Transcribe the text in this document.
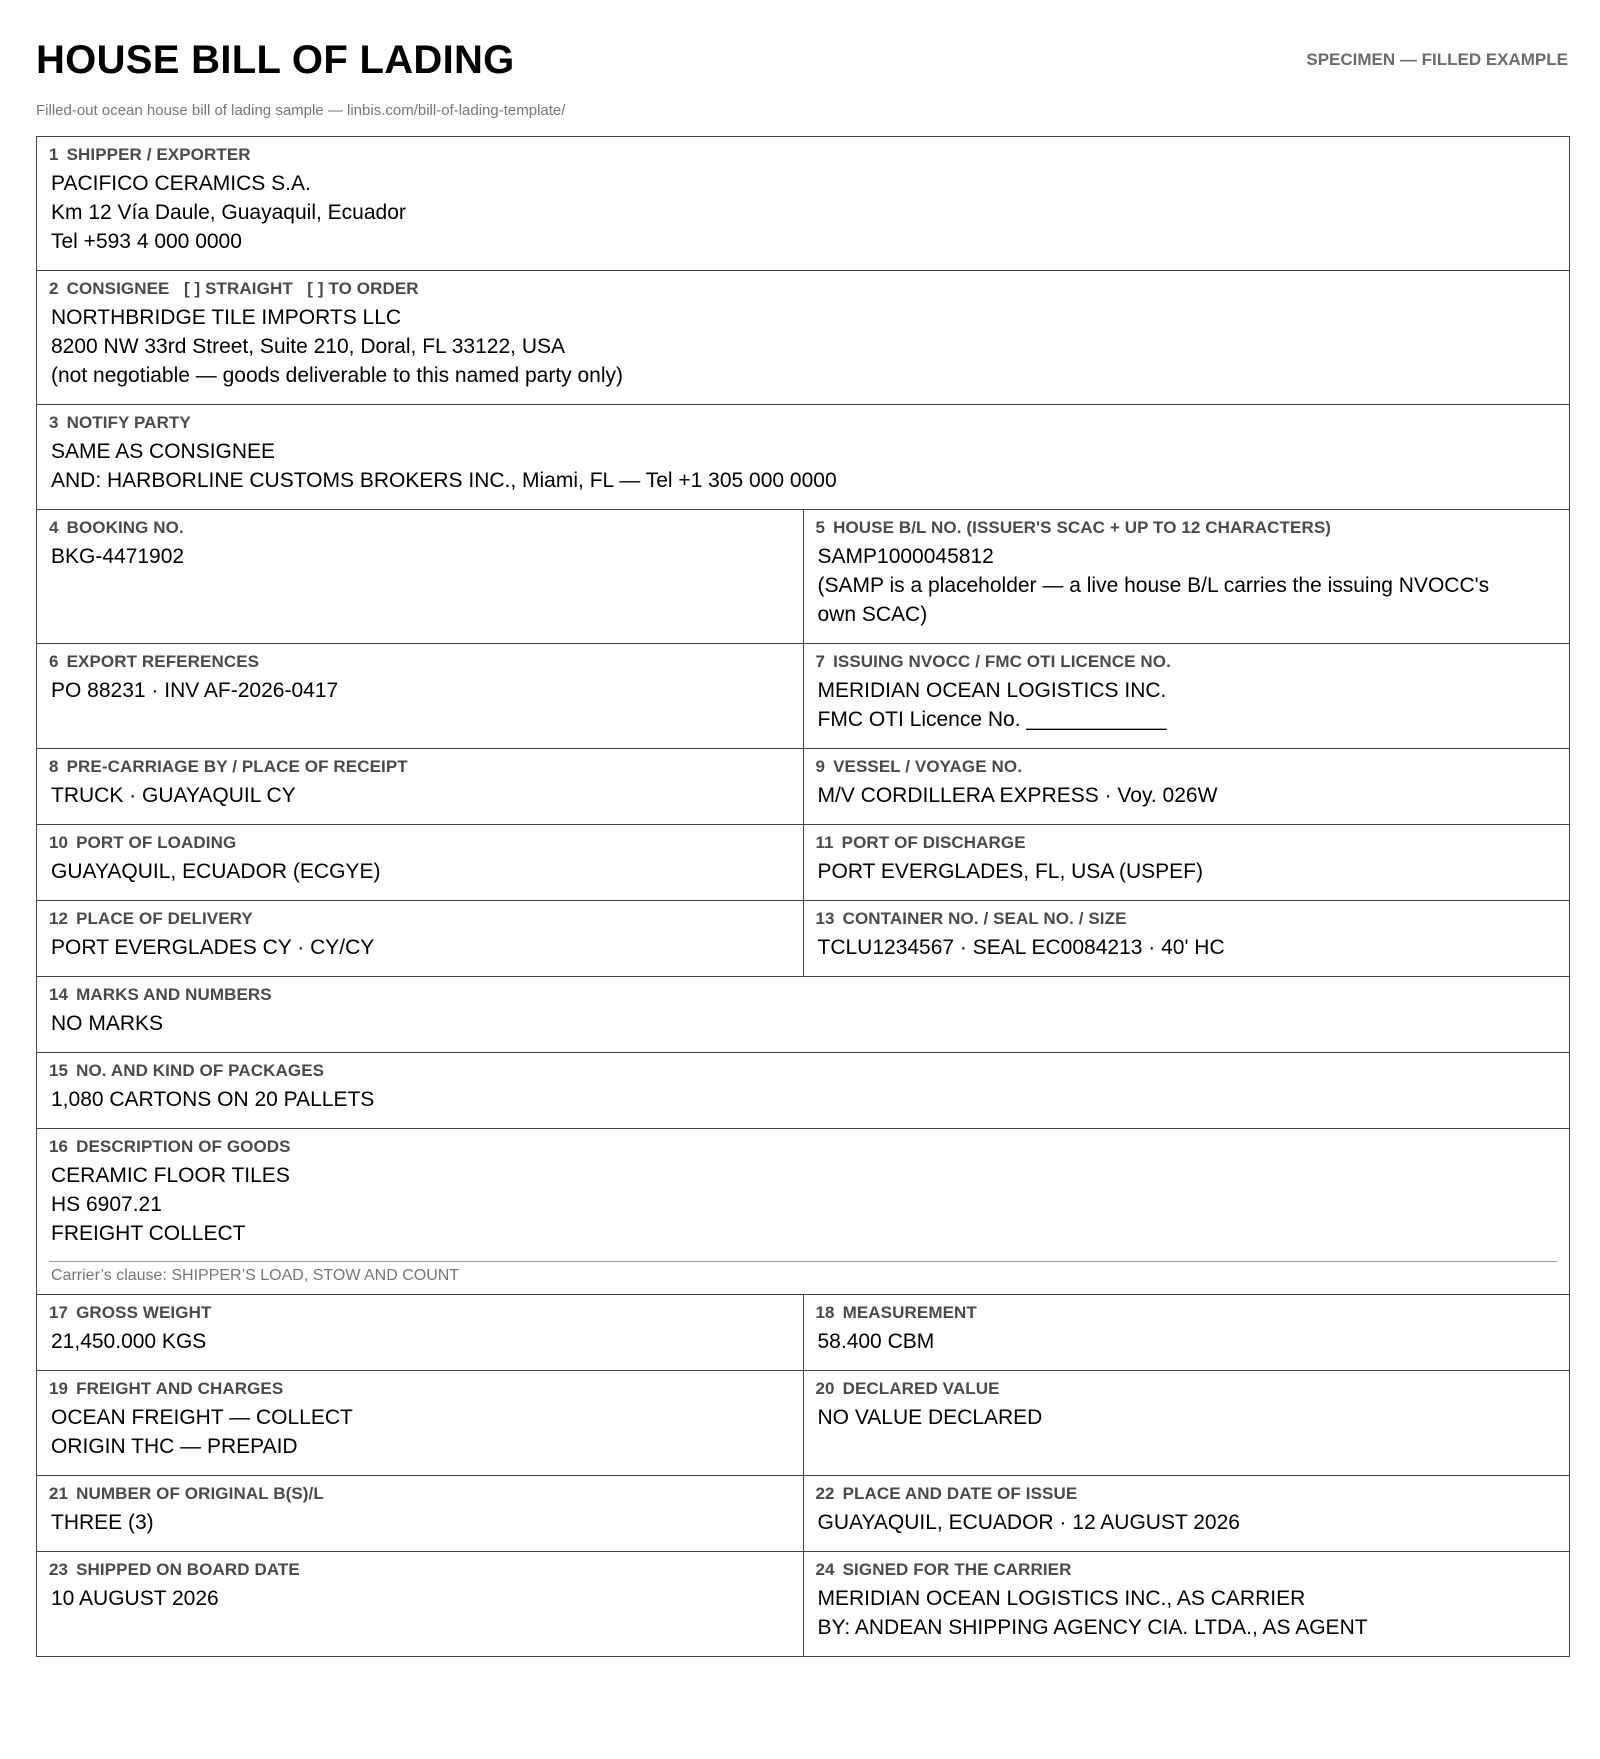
HOUSE BILL OF LADING	SPECIMEN — FILLED EXAMPLE
Filled-out ocean house bill of lading sample — linbis.com/bill-of-lading-template/
1 SHIPPER / EXPORTER
PACIFICO CERAMICS S.A.
Km 12 Vía Daule, Guayaquil, Ecuador
Tel +593 4 000 0000
2 CONSIGNEE   [ ] STRAIGHT   [ ] TO ORDER
NORTHBRIDGE TILE IMPORTS LLC
8200 NW 33rd Street, Suite 210, Doral, FL 33122, USA
(not negotiable — goods deliverable to this named party only)
3 NOTIFY PARTY
SAME AS CONSIGNEE
AND: HARBORLINE CUSTOMS BROKERS INC., Miami, FL — Tel +1 305 000 0000
4 BOOKING NO.
BKG-4471902
5 HOUSE B/L NO. (ISSUER'S SCAC + UP TO 12 CHARACTERS)
SAMP1000045812
(SAMP is a placeholder — a live house B/L carries the issuing NVOCC's
own SCAC)
6 EXPORT REFERENCES
PO 88231 · INV AF-2026-0417
7 ISSUING NVOCC / FMC OTI LICENCE NO.
MERIDIAN OCEAN LOGISTICS INC.
FMC OTI Licence No. ____________
8 PRE-CARRIAGE BY / PLACE OF RECEIPT
TRUCK · GUAYAQUIL CY
9 VESSEL / VOYAGE NO.
M/V CORDILLERA EXPRESS · Voy. 026W
10 PORT OF LOADING
GUAYAQUIL, ECUADOR (ECGYE)
11 PORT OF DISCHARGE
PORT EVERGLADES, FL, USA (USPEF)
12 PLACE OF DELIVERY
PORT EVERGLADES CY · CY/CY
13 CONTAINER NO. / SEAL NO. / SIZE
TCLU1234567 · SEAL EC0084213 · 40' HC
14 MARKS AND NUMBERS
NO MARKS
15 NO. AND KIND OF PACKAGES
1,080 CARTONS ON 20 PALLETS
16 DESCRIPTION OF GOODS
CERAMIC FLOOR TILES
HS 6907.21
FREIGHT COLLECT
Carrier’s clause: SHIPPER’S LOAD, STOW AND COUNT
17 GROSS WEIGHT
21,450.000 KGS
18 MEASUREMENT
58.400 CBM
19 FREIGHT AND CHARGES
OCEAN FREIGHT — COLLECT
ORIGIN THC — PREPAID
20 DECLARED VALUE
NO VALUE DECLARED
21 NUMBER OF ORIGINAL B(S)/L
THREE (3)
22 PLACE AND DATE OF ISSUE
GUAYAQUIL, ECUADOR · 12 AUGUST 2026
23 SHIPPED ON BOARD DATE
10 AUGUST 2026
24 SIGNED FOR THE CARRIER
MERIDIAN OCEAN LOGISTICS INC., AS CARRIER
BY: ANDEAN SHIPPING AGENCY CIA. LTDA., AS AGENT
